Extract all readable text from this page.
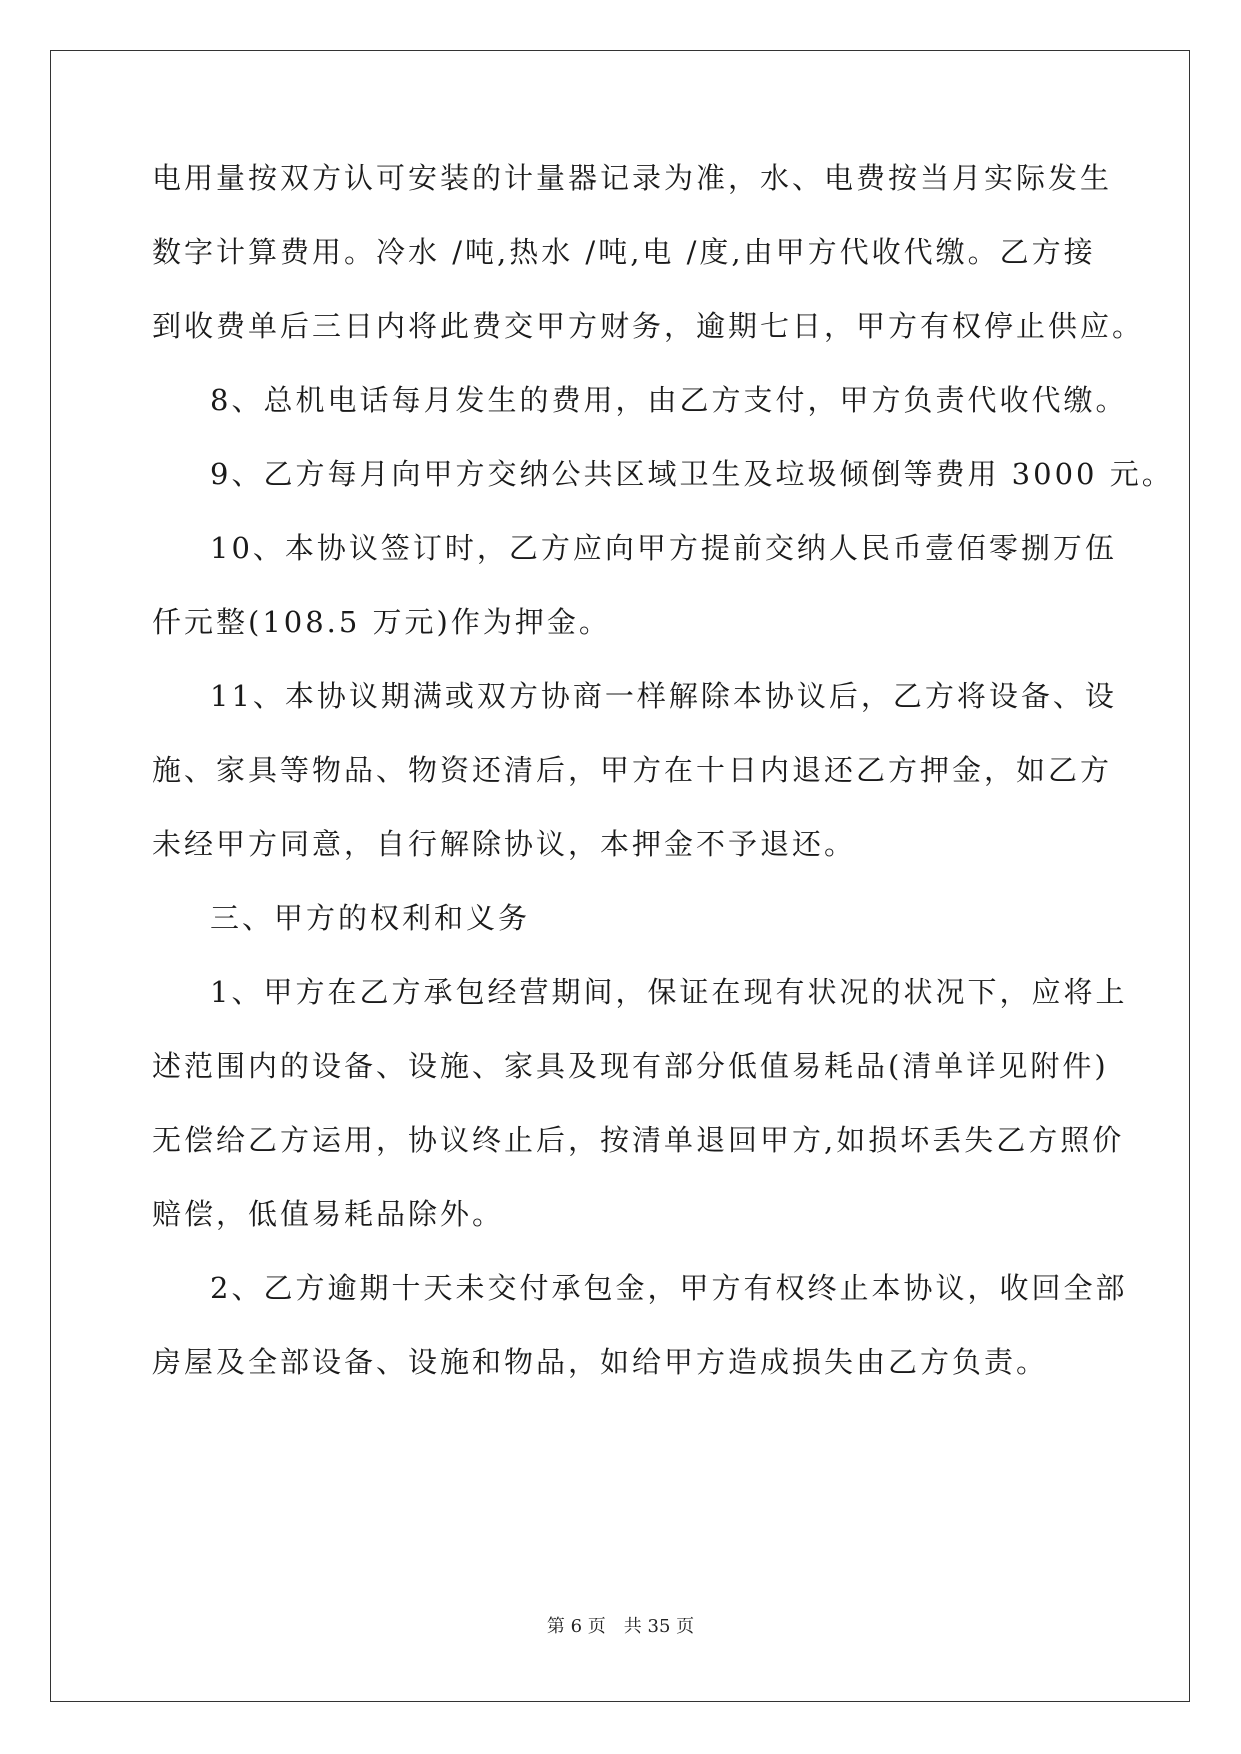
电用量按双方认可安装的计量器记录为准，水、电费按当月实际发生
数字计算费用。冷水 /吨,热水 /吨,电 /度,由甲方代收代缴。乙方接
到收费单后三日内将此费交甲方财务，逾期七日，甲方有权停止供应。
8、总机电话每月发生的费用，由乙方支付，甲方负责代收代缴。
9、乙方每月向甲方交纳公共区域卫生及垃圾倾倒等费用 3000 元。
10、本协议签订时，乙方应向甲方提前交纳人民币壹佰零捌万伍
仟元整(108.5 万元)作为押金。
11、本协议期满或双方协商一样解除本协议后，乙方将设备、设
施、家具等物品、物资还清后，甲方在十日内退还乙方押金，如乙方
未经甲方同意，自行解除协议，本押金不予退还。
三、甲方的权利和义务
1、甲方在乙方承包经营期间，保证在现有状况的状况下，应将上
述范围内的设备、设施、家具及现有部分低值易耗品(清单详见附件)
无偿给乙方运用，协议终止后，按清单退回甲方,如损坏丢失乙方照价
赔偿，低值易耗品除外。
2、乙方逾期十天未交付承包金，甲方有权终止本协议，收回全部
房屋及全部设备、设施和物品，如给甲方造成损失由乙方负责。
第 6 页　共 35 页
